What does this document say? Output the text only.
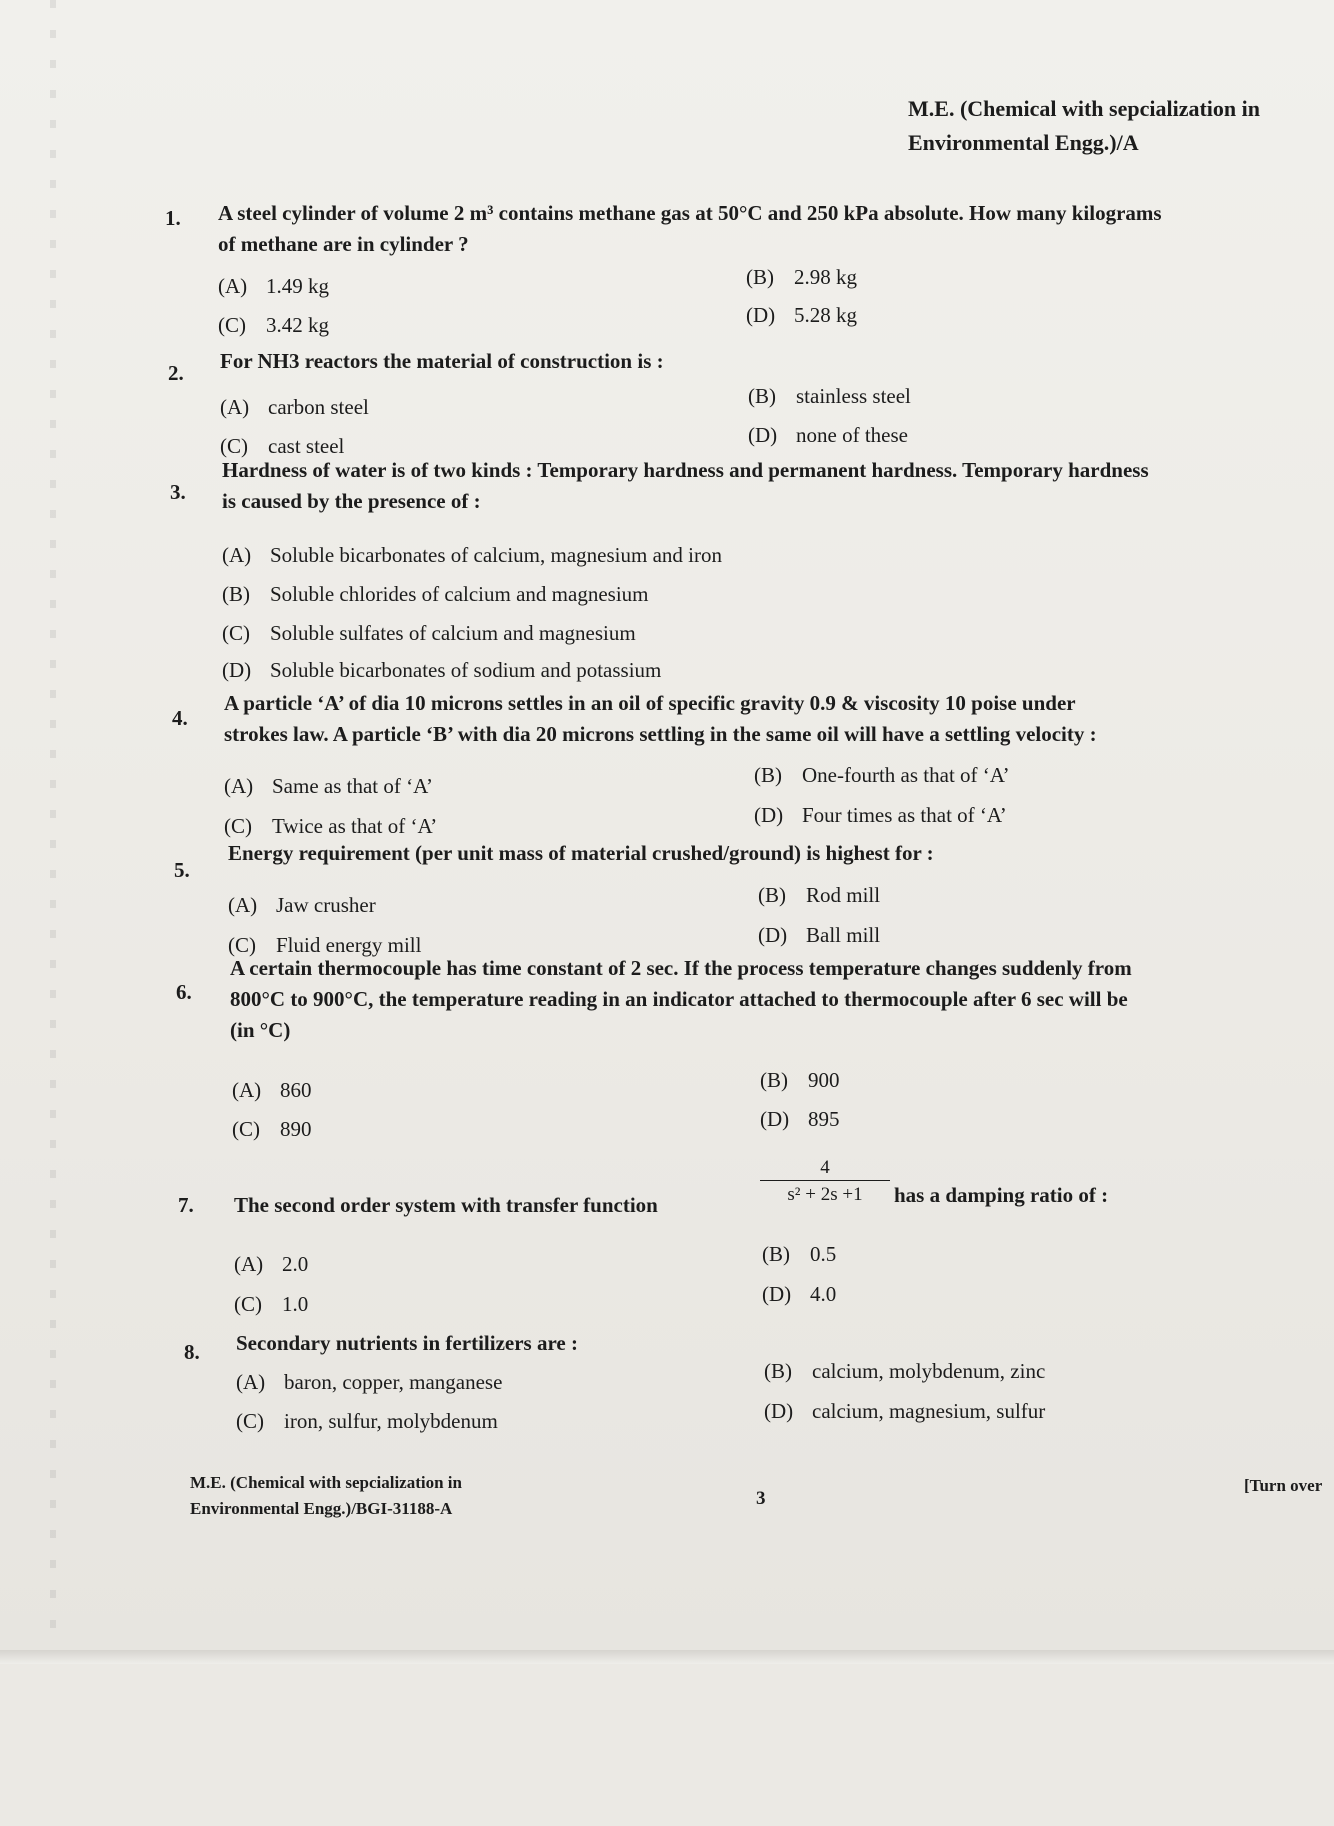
M.E. (Chemical with sepcialization in
Environmental Engg.)/A
1. A steel cylinder of volume 2 m³ contains methane gas at 50°C and 250 kPa absolute. How many kilograms
of methane are in cylinder ?
(A) 1.49 kg	(B) 2.98 kg
(C) 3.42 kg	(D) 5.28 kg
2. For NH3 reactors the material of construction is :
(A) carbon steel	(B) stainless steel
(C) cast steel	(D) none of these
3.
Hardness of water is of two kinds : Temporary hardness and permanent hardness. Temporary hardness
is caused by the presence of :
(A) Soluble bicarbonates of calcium, magnesium and iron
(B) Soluble chlorides of calcium and magnesium
(C) Soluble sulfates of calcium and magnesium
(D) Soluble bicarbonates of sodium and potassium
4.
A particle ‘A’ of dia 10 microns settles in an oil of specific gravity 0.9 & viscosity 10 poise under
strokes law. A particle ‘B’ with dia 20 microns settling in the same oil will have a settling velocity :
(A) Same as that of ‘A’	(B) One-fourth as that of ‘A’
(C) Twice as that of ‘A’	(D) Four times as that of ‘A’
5.
Energy requirement (per unit mass of material crushed/ground) is highest for :
(A) Jaw crusher	(B) Rod mill
(C) Fluid energy mill	(D) Ball mill
6.
A certain thermocouple has time constant of 2 sec. If the process temperature changes suddenly from
800°C to 900°C, the temperature reading in an indicator attached to thermocouple after 6 sec will be
(in °C)
(A) 860	(B) 900
(C) 890	(D) 895
7. The second order system with transfer function
4
s² + 2s +1	has a damping ratio of :
(A) 2.0	(B) 0.5
(C) 1.0	(D) 4.0
8. Secondary nutrients in fertilizers are :
(A) baron, copper, manganese	(B) calcium, molybdenum, zinc
(C) iron, sulfur, molybdenum	(D) calcium, magnesium, sulfur
M.E. (Chemical with sepcialization in
Environmental Engg.)/BGI-31188-A	3
[Turn over
